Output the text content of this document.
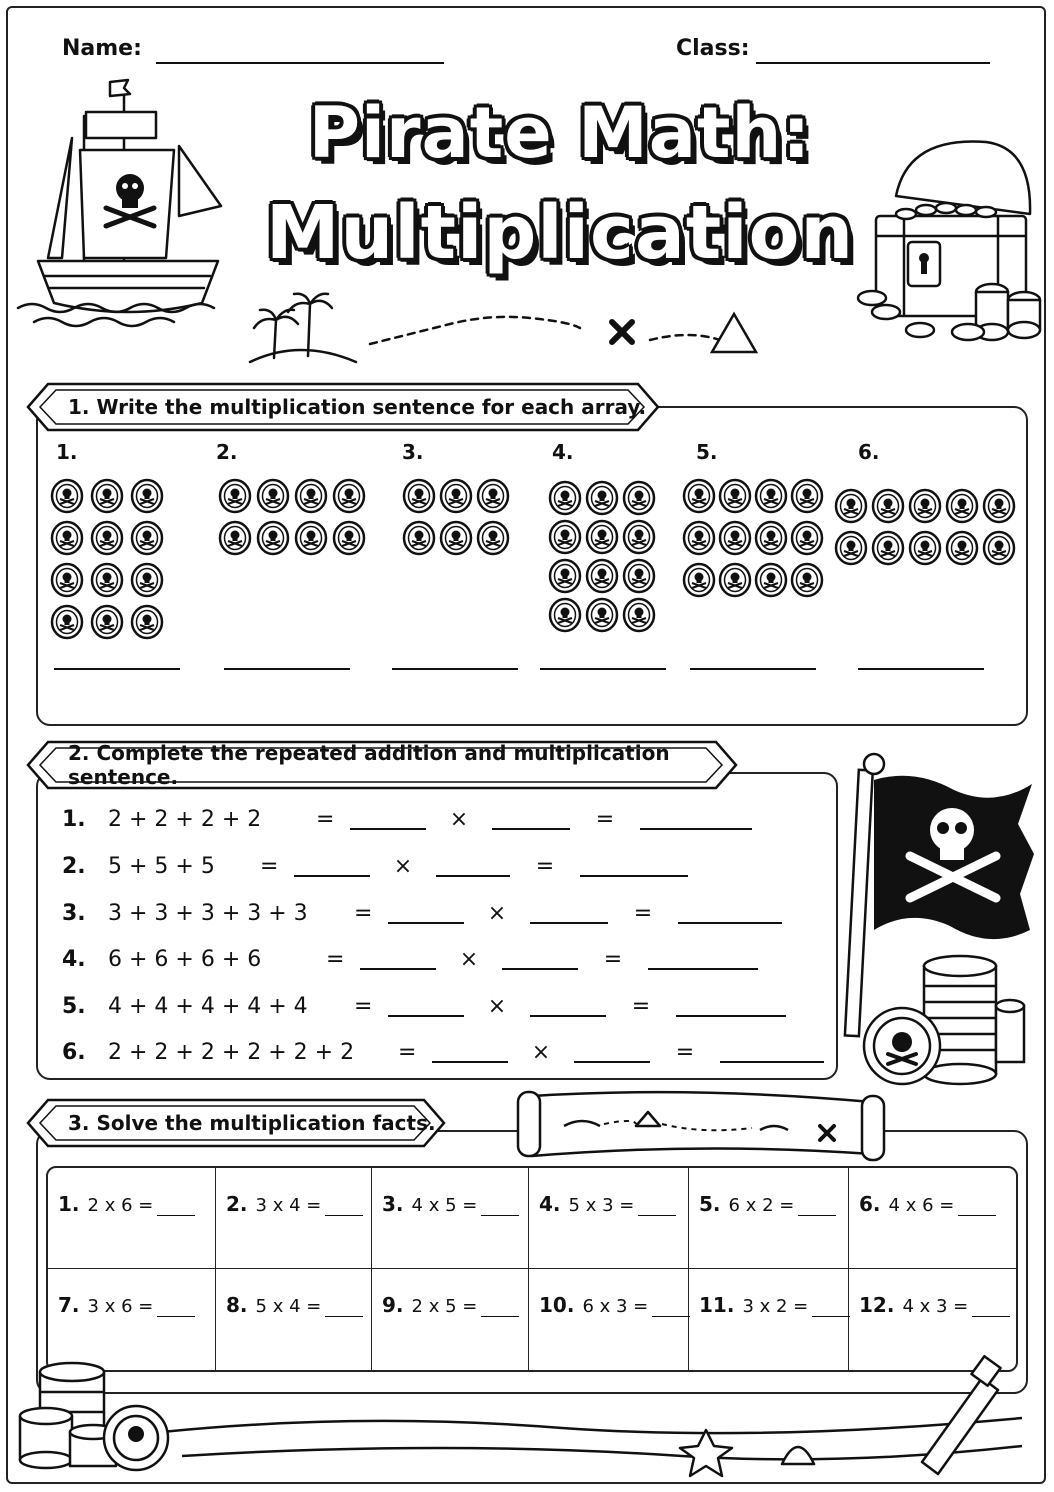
Name:	Class:
Pirate Math:
Multiplication
1. Write the multiplication sentence for each array.
1.	2.	3.	4.	5.	6.
2. Complete the repeated addition and multiplication sentence.
1.	2 + 2 + 2 + 2	=	×	=
2.	5 + 5 + 5	=	×	=
3.	3 + 3 + 3 + 3 + 3	=	×	=
4.	6 + 6 + 6 + 6	=	×	=
5.	4 + 4 + 4 + 4 + 4	=	×	=
6.	2 + 2 + 2 + 2 + 2 + 2	=	×	=
3. Solve the multiplication facts.
1. 2 x 6 =	2. 3 x 4 =	3. 4 x 5 =	4. 5 x 3 =	5. 6 x 2 =	6. 4 x 6 =
7. 3 x 6 =	8. 5 x 4 =	9. 2 x 5 =	10. 6 x 3 =	11. 3 x 2 =	12. 4 x 3 =
